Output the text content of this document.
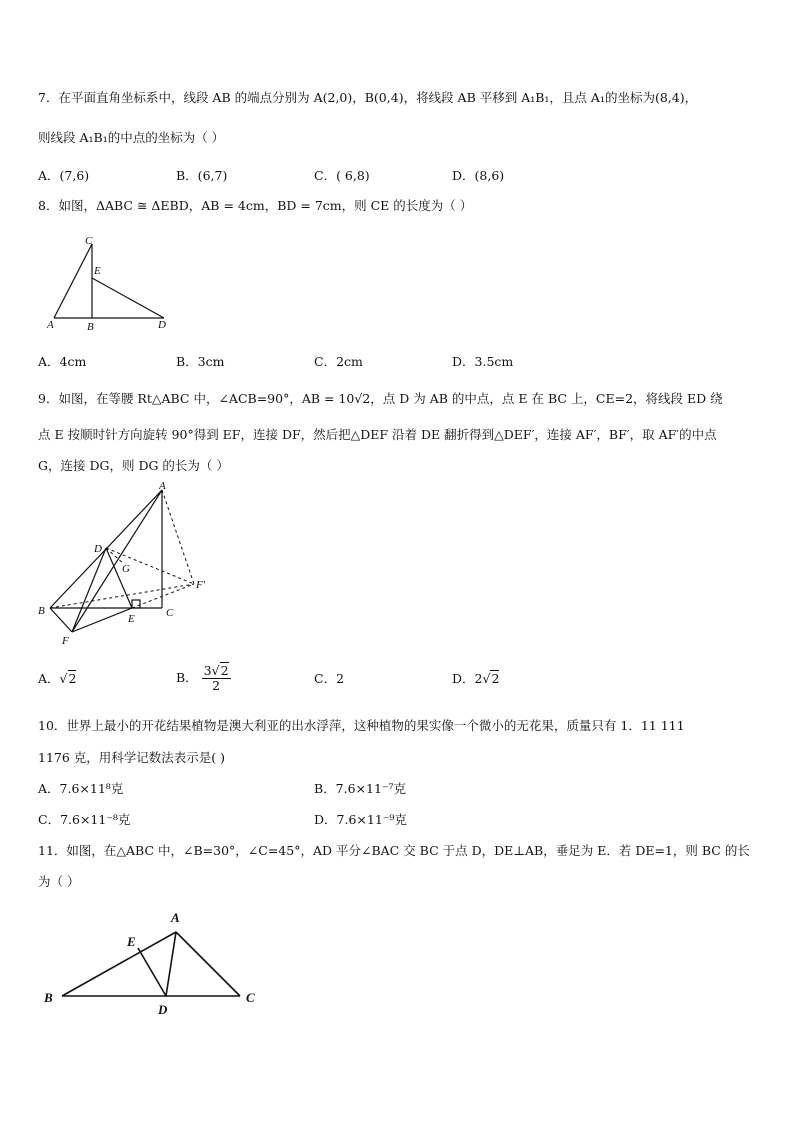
7．在平面直角坐标系中，线段 AB 的端点分别为 A(2,0)，B(0,4)，将线段 AB 平移到 A₁B₁，且点 A₁的坐标为(8,4)，
则线段 A₁B₁的中点的坐标为（ ）
A．(7,6)	B．(6,7)	C．( 6,8)	D．(8,6)
8．如图，ΔABC ≅ ΔEBD，AB = 4cm，BD = 7cm，则 CE 的长度为（ ）
C
E
A	B	D
A．4cm	B．3cm	C．2cm	D．3.5cm
9．如图，在等腰 Rt△ABC 中，∠ACB=90°，AB = 10√2，点 D 为 AB 的中点，点 E 在 BC 上，CE=2，将线段 ED 绕
点 E 按顺时针方向旋转 90°得到 EF，连接 DF，然后把△DEF 沿着 DE 翻折得到△DEF′，连接 AF′，BF′，取 AF′的中点
G，连接 DG，则 DG 的长为（ ）
A
D
G
F′
B	C
E
F
A．√2	B． $\frac{3√2}{2}$	C．2	D．2√2
10．世界上最小的开花结果植物是澳大利亚的出水浮萍，这种植物的果实像一个微小的无花果，质量只有 1．11 111
1176 克，用科学记数法表示是( )
A．7.6×11⁸克	B．7.6×11⁻⁷克
C．7.6×11⁻⁸克	D．7.6×11⁻⁹克
11．如图，在△ABC 中，∠B=30°，∠C=45°，AD 平分∠BAC 交 BC 于点 D，DE⊥AB，垂足为 E．若 DE=1，则 BC 的长
为（ ）
A
E
B
D
C
